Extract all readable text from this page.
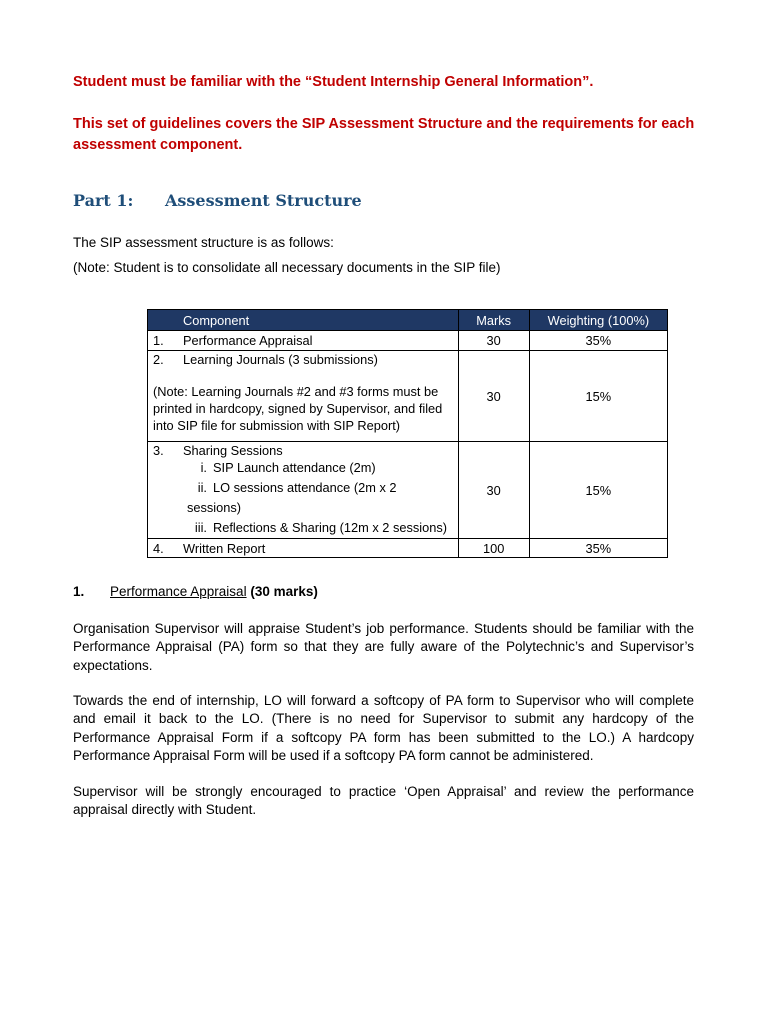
Student must be familiar with the “Student Internship General Information”.
This set of guidelines covers the SIP Assessment Structure and the requirements for each assessment component.
Part 1: Assessment Structure
The SIP assessment structure is as follows:
(Note: Student is to consolidate all necessary documents in the SIP file)
Component	Marks	Weighting (100%)
1. Performance Appraisal	30	35%

2. Learning Journals (3 submissions)
(Note: Learning Journals #2 and #3 forms must be printed in hardcopy, signed by Supervisor, and filed into SIP file for submission with SIP Report)	30	15%

3. Sharing Sessions
i. SIP Launch attendance (2m)
ii. LO sessions attendance (2m x 2 sessions)
iii. Reflections & Sharing (12m x 2 sessions)	30	15%
4. Written Report	100	35%
1. Performance Appraisal (30 marks)
Organisation Supervisor will appraise Student’s job performance. Students should be familiar with the Performance Appraisal (PA) form so that they are fully aware of the Polytechnic’s and Supervisor’s expectations.
Towards the end of internship, LO will forward a softcopy of PA form to Supervisor who will complete and email it back to the LO. (There is no need for Supervisor to submit any hardcopy of the Performance Appraisal Form if a softcopy PA form has been submitted to the LO.) A hardcopy Performance Appraisal Form will be used if a softcopy PA form cannot be administered.
Supervisor will be strongly encouraged to practice ‘Open Appraisal’ and review the performance appraisal directly with Student.
